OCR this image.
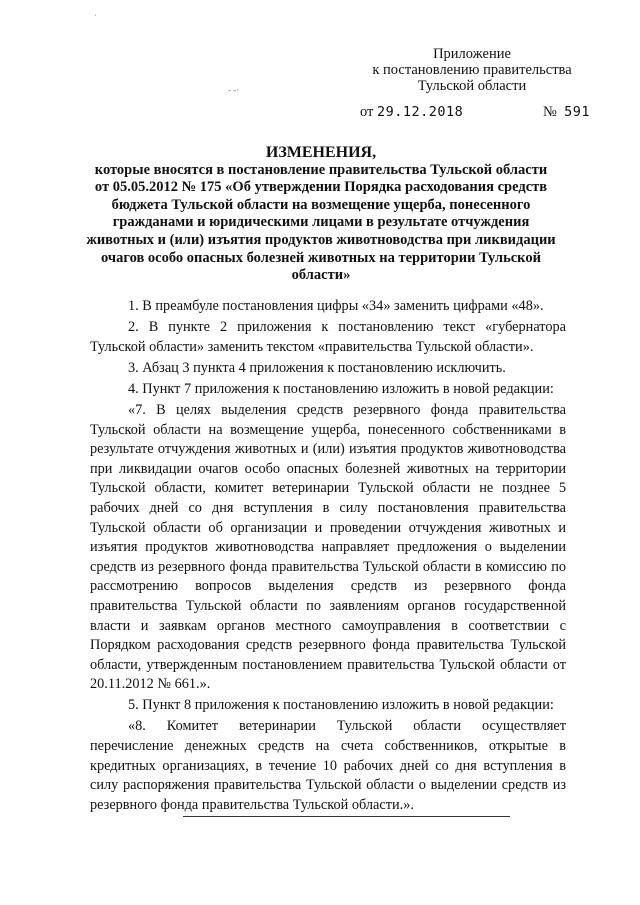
ˈ
- -·
Приложение
к постановлению правительства
Тульской области
от 29.12.2018	№ 591
ИЗМЕНЕНИЯ,
которые вносятся в постановление правительства Тульской области от 05.05.2012 № 175 «Об утверждении Порядка расходования средств бюджета Тульской области на возмещение ущерба, понесенного гражданами и юридическими лицами в результате отчуждения животных и (или) изъятия продуктов животноводства при ликвидации очагов особо опасных болезней животных на территории Тульской области»

1. В преамбуле постановления цифры «34» заменить цифрами «48».

2. В пункте 2 приложения к постановлению текст «губернатора Тульской области» заменить текстом «правительства Тульской области».

3. Абзац 3 пункта 4 приложения к постановлению исключить.

4. Пункт 7 приложения к постановлению изложить в новой редакции:

«7. В целях выделения средств резервного фонда правительства Тульской области на возмещение ущерба, понесенного собственниками в результате отчуждения животных и (или) изъятия продуктов животноводства при ликвидации очагов особо опасных болезней животных на территории Тульской области, комитет ветеринарии Тульской области не позднее 5 рабочих дней со дня вступления в силу постановления правительства Тульской области об организации и проведении отчуждения животных и изъятия продуктов животноводства направляет предложения о выделении средств из резервного фонда правительства Тульской области в комиссию по рассмотрению вопросов выделения средств из резервного фонда правительства Тульской области по заявлениям органов государственной власти и заявкам органов местного самоуправления в соответствии с Порядком расходования средств резервного фонда правительства Тульской области, утвержденным постановлением правительства Тульской области от 20.11.2012 № 661.».

5. Пункт 8 приложения к постановлению изложить в новой редакции:

«8. Комитет ветеринарии Тульской области осуществляет перечисление денежных средств на счета собственников, открытые в кредитных организациях, в течение 10 рабочих дней со дня вступления в силу распоряжения правительства Тульской области о выделении средств из резервного фонда правительства Тульской области.».
